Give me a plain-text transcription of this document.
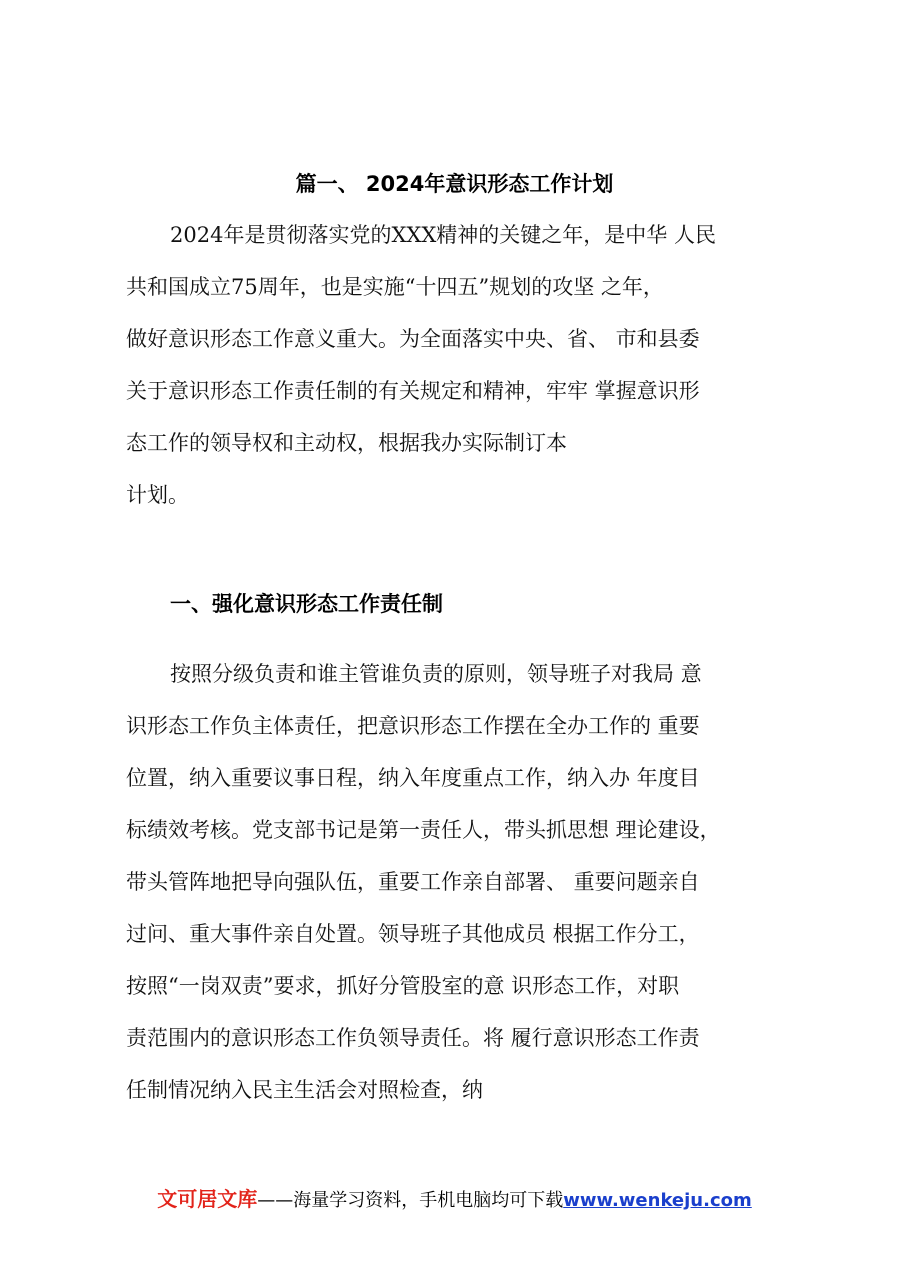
篇一、 2024年意识形态工作计划
2024年是贯彻落实党的XXX精神的关键之年，是中华 人民
共和国成立75周年，也是实施“十四五”规划的攻坚 之年，
做好意识形态工作意义重大。为全面落实中央、省、 市和县委
关于意识形态工作责任制的有关规定和精神，牢牢 掌握意识形
态工作的领导权和主动权，根据我办实际制订本
计划。
一、强化意识形态工作责任制
按照分级负责和谁主管谁负责的原则，领导班子对我局 意
识形态工作负主体责任，把意识形态工作摆在全办工作的 重要
位置，纳入重要议事日程，纳入年度重点工作，纳入办 年度目
标绩效考核。党支部书记是第一责任人，带头抓思想 理论建设，
带头管阵地把导向强队伍，重要工作亲自部署、 重要问题亲自
过问、重大事件亲自处置。领导班子其他成员 根据工作分工，
按照“一岗双责”要求，抓好分管股室的意 识形态工作，对职
责范围内的意识形态工作负领导责任。将 履行意识形态工作责
任制情况纳入民主生活会对照检查，纳
文可居文库——海量学习资料，手机电脑均可下载www.wenkeju.com
